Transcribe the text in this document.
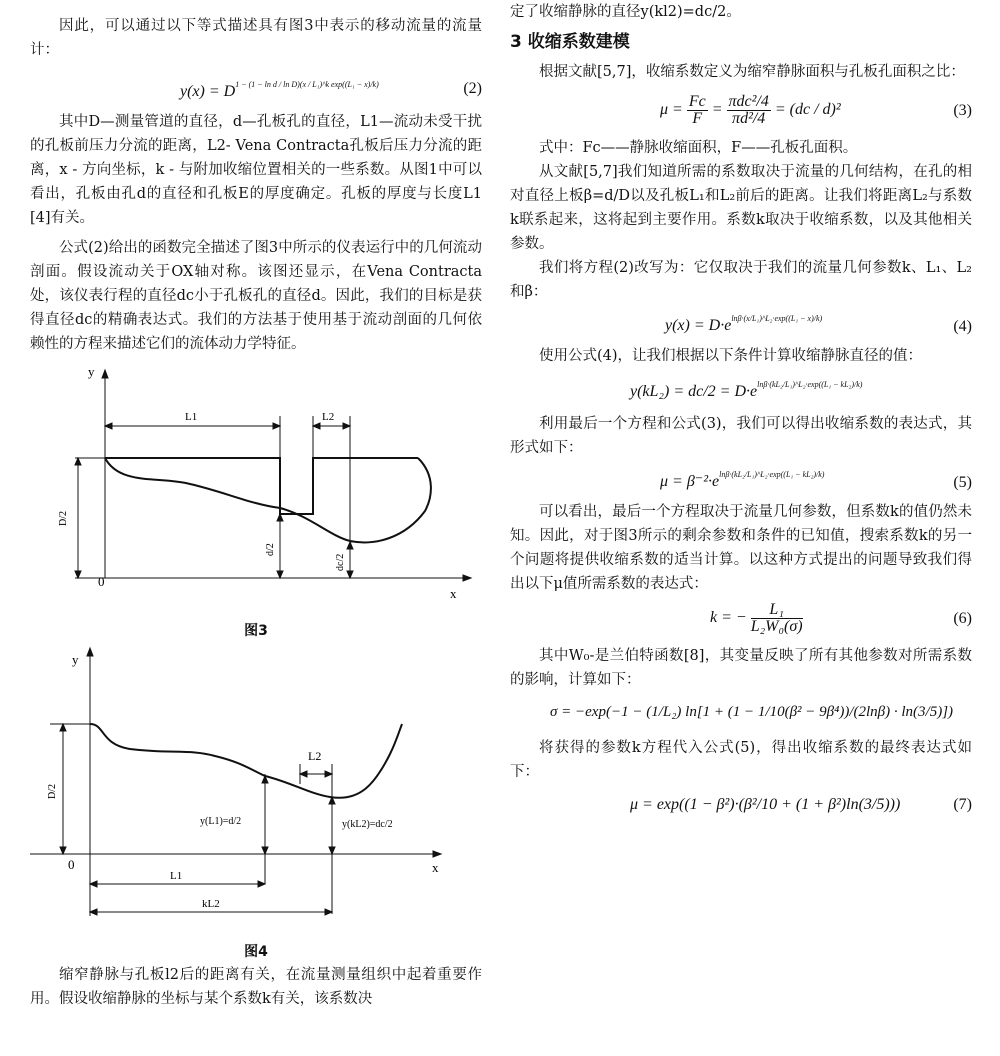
因此，可以通过以下等式描述具有图3中表示的移动流量的流量计：

$y(x) = D^{1 - (1 - ln d / ln D)(x / L_1)\^{}k exp((L_1 - x)/k)}$	(2)

其中D—测量管道的直径，d—孔板孔的直径，L1—流动未受干扰的孔板前压力分流的距离，L2- Vena Contracta孔板后压力分流的距离，x - 方向坐标，k - 与附加收缩位置相关的一些系数。从图1中可以看出，孔板由孔d的直径和孔板E的厚度确定。孔板的厚度与长度L1 [4]有关。

公式(2)给出的函数完全描述了图3中所示的仪表运行中的几何流动剖面。假设流动关于OX轴对称。该图还显示，在Vena Contracta处，该仪表行程的直径dc小于孔板孔的直径d。因此，我们的目标是获得直径dc的精确表达式。我们的方法基于使用基于流动剖面的几何依赖性的方程来描述它们的流体动力学特征。

y
x
0
L1	L2
D/2
d/2
dc/2
图3
y
x
0
L2
L1
kL2
D/2
y(L1)=d/2	y(kL2)=dc/2
图4

缩窄静脉与孔板l2后的距离有关，在流量测量组织中起着重要作用。假设收缩静脉的坐标与某个系数k有关，该系数决

定了收缩静脉的直径y(kl2)=dc/2。

3 收缩系数建模

根据文献[5,7]，收缩系数定义为缩窄静脉面积与孔板孔面积之比：

$\mu = \frac{Fc}{F} = \frac{\text{πdc²/4}}{\text{πd²/4}} = (dc / d)^2$	(3)

式中：Fc——静脉收缩面积，F——孔板孔面积。

从文献[5,7]我们知道所需的系数取决于流量的几何结构，在孔的相对直径上板β=d/D以及孔板L₁和L₂前后的距离。让我们将距离L₂与系数k联系起来，这将起到主要作用。系数k取决于收缩系数，以及其他相关参数。

我们将方程(2)改写为：它仅取决于我们的流量几何参数k、L₁、L₂和β：

$y(x) = D\cdot e^{ln\beta\cdot(x/L_1)\^{}L_2\cdot exp((L_1 - x)/k)}$	(4)

使用公式(4)，让我们根据以下条件计算收缩静脉直径的值：

$y(kL_2) = dc/2 = D\cdot e^{ln\beta\cdot(kL_2/L_1)\^{}L_2\cdot exp((L_1 - kL_2)/k)}$

利用最后一个方程和公式(3)，我们可以得出收缩系数的表达式，其形式如下：

$\mu = \beta^{-2}\cdot e^{ln\beta\cdot(kL_2/L_1)\^{}L_2\cdot exp((L_1 - kL_2)/k)}$	(5)

可以看出，最后一个方程取决于流量几何参数，但系数k的值仍然未知。因此，对于图3所示的剩余参数和条件的已知值，搜索系数k的另一个问题将提供收缩系数的适当计算。以这种方式提出的问题导致我们得出以下μ值所需系数的表达式：

k = − $\frac{\text{L₁}}{\text{L₂W₀(σ)}}$	(6)

其中W₀-是兰伯特函数[8]，其变量反映了所有其他参数对所需系数的影响，计算如下：

σ = −exp(−1 − (1/L₂) ln[1 + (1 − 1/10(β² − 9β⁴))/(2lnβ) · ln(3/5)])

将获得的参数k方程代入公式(5)，得出收缩系数的最终表达式如下：

μ = exp((1 − β²)·(β²/10 + (1 + β²)ln(3/5)))	(7)
